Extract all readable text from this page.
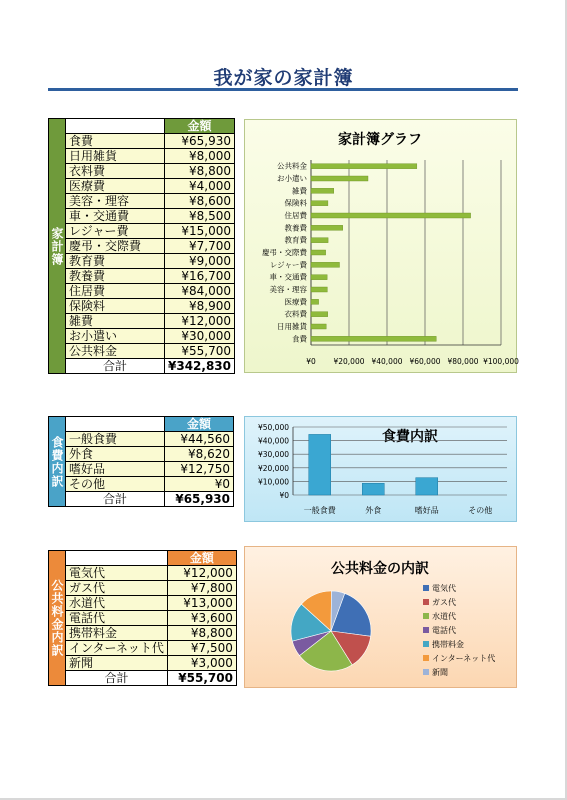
我が家の家計簿
家計簿		金額
	食費	¥65,930
	日用雑貨	¥8,000
	衣料費	¥8,800
	医療費	¥4,000
	美容・理容	¥8,600
	車・交通費	¥8,500
	レジャー費	¥15,000
	慶弔・交際費	¥7,700
	教育費	¥9,000
	教養費	¥16,700
	住居費	¥84,000
	保険料	¥8,900
	雑費	¥12,000
	お小遣い	¥30,000
	公共料金	¥55,700
	合計	¥342,830
食費内訳		金額
	一般食費	¥44,560
	外食	¥8,620
	嗜好品	¥12,750
	その他	¥0
	合計	¥65,930
公共料金内訳		金額
	電気代	¥12,000
	ガス代	¥7,800
	水道代	¥13,000
	電話代	¥3,600
	携帯料金	¥8,800
	インターネット代	¥7,500
	新聞	¥3,000
	合計	¥55,700
家計簿グラフ
¥0 ¥20,000 ¥40,000 ¥60,000 ¥80,000 ¥100,000
公共料金
お小遣い
雑費
保険料
住居費
教養費
教育費
慶弔・交際費
レジャー費
車・交通費
美容・理容
医療費
衣料費
日用雑貨
食費
食費内訳
¥0
¥10,000
¥20,000
¥30,000
¥40,000
¥50,000
一般食費	外食	嗜好品	その他
公共料金の内訳
電気代
ガス代
水道代
電話代
携帯料金
インターネット代
新聞
